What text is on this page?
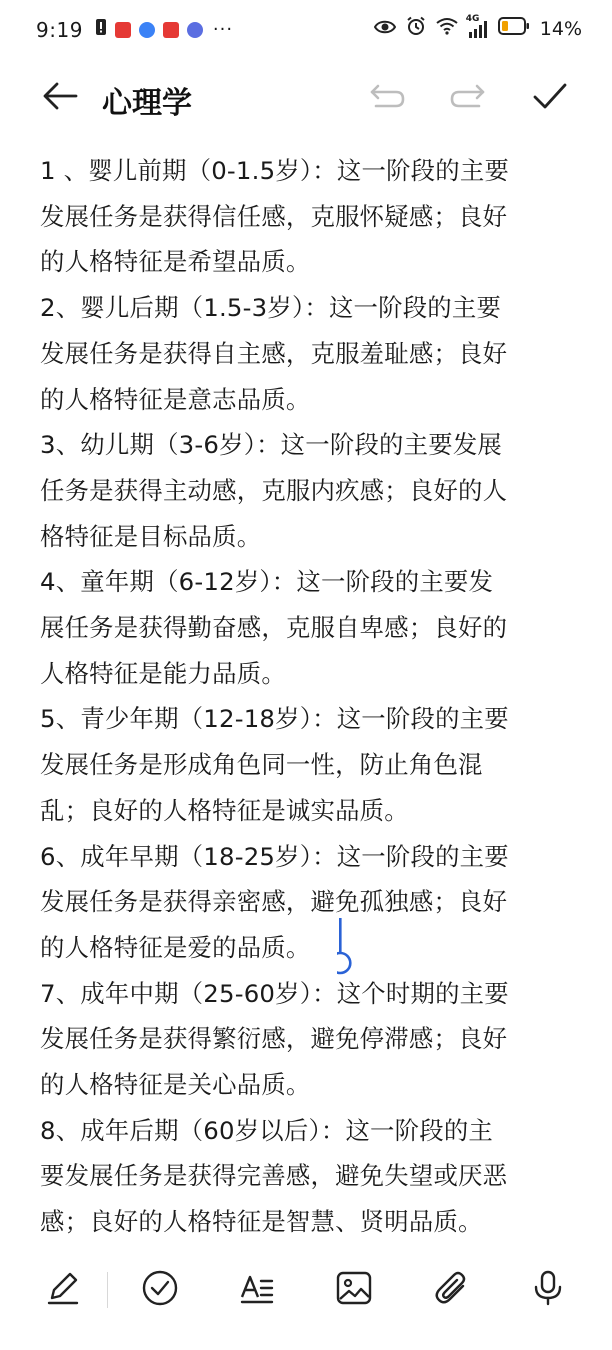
9:19	···
4G	14%
心理学
1 、婴儿前期（0-1.5岁）：这一阶段的主要
发展任务是获得信任感，克服怀疑感；良好
的人格特征是希望品质。
2、婴儿后期（1.5-3岁）：这一阶段的主要
发展任务是获得自主感，克服羞耻感；良好
的人格特征是意志品质。
3、幼儿期（3-6岁）：这一阶段的主要发展
任务是获得主动感，克服内疚感；良好的人
格特征是目标品质。
4、童年期（6-12岁）：这一阶段的主要发
展任务是获得勤奋感，克服自卑感；良好的
人格特征是能力品质。
5、青少年期（12-18岁）：这一阶段的主要
发展任务是形成角色同一性，防止角色混
乱；良好的人格特征是诚实品质。
6、成年早期（18-25岁）：这一阶段的主要
发展任务是获得亲密感，避免孤独感；良好
的人格特征是爱的品质。
7、成年中期（25-60岁）：这个时期的主要
发展任务是获得繁衍感，避免停滞感；良好
的人格特征是关心品质。
8、成年后期（60岁以后）：这一阶段的主
要发展任务是获得完善感，避免失望或厌恶
感；良好的人格特征是智慧、贤明品质。
